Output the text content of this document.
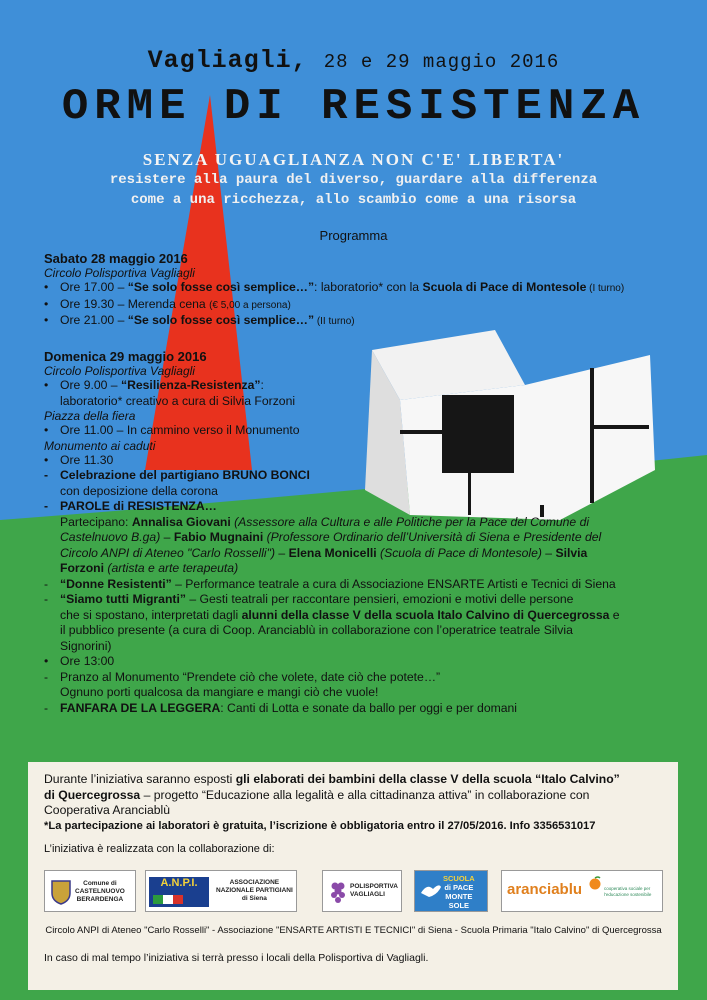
Vagliagli, 28 e 29 maggio 2016
ORME DI RESISTENZA
SENZA UGUAGLIANZA NON C'E' LIBERTA'
resistere alla paura del diverso, guardare alla differenza
come a una ricchezza, allo scambio come a una risorsa
Programma
Sabato 28 maggio 2016
Circolo Polisportiva Vagliagli
• Ore 17.00 – “Se solo fosse così semplice…”: laboratorio* con la Scuola di Pace di Montesole (I turno)
• Ore 19.30 – Merenda cena (€ 5,00 a persona)
• Ore 21.00 – “Se solo fosse così semplice…” (II turno)
Domenica 29 maggio 2016
Circolo Polisportiva Vagliagli
• Ore 9.00 – “Resilienza-Resistenza”:
laboratorio* creativo a cura di Silvia Forzoni
Piazza della fiera
• Ore 11.00 – In cammino verso il Monumento
Monumento ai caduti
• Ore 11.30
- Celebrazione del partigiano BRUNO BONCI
con deposizione della corona
- PAROLE di RESISTENZA…
Partecipano: Annalisa Giovani (Assessore alla Cultura e alle Politiche per la Pace del Comune di
Castelnuovo B.ga) – Fabio Mugnaini (Professore Ordinario dell’Università di Siena e Presidente del
Circolo ANPI di Ateneo "Carlo Rosselli") – Elena Monicelli (Scuola di Pace di Montesole) – Silvia
Forzoni (artista e arte terapeuta)
- “Donne Resistenti” – Performance teatrale a cura di Associazione ENSARTE Artisti e Tecnici di Siena
- “Siamo tutti Migranti” – Gesti teatrali per raccontare pensieri, emozioni e motivi delle persone
che si spostano, interpretati dagli alunni della classe V della scuola Italo Calvino di Quercegrossa e
il pubblico presente (a cura di Coop. Aranciablù in collaborazione con l’operatrice teatrale Silvia
Signorini)
• Ore 13:00
- Pranzo al Monumento “Prendete ciò che volete, date ciò che potete…”
Ognuno porti qualcosa da mangiare e mangi ciò che vuole!
- FANFARA DE LA LEGGERA: Canti di Lotta e sonate da ballo per oggi e per domani
Durante l’iniziativa saranno esposti gli elaborati dei bambini della classe V della scuola “Italo Calvino”
di Quercegrossa – progetto “Educazione alla legalità e alla cittadinanza attiva” in collaborazione con
Cooperativa Aranciablù
*La partecipazione ai laboratori è gratuita, l’iscrizione è obbligatoria entro il 27/05/2016. Info 3356531017
L’iniziativa è realizzata con la collaborazione di:
Comune di
CASTELNUOVO
BERARDENGA
A.N.P.I.	ASSOCIAZIONE
NAZIONALE PARTIGIANI
di Siena
POLISPORTIVA
VAGLIAGLI
SCUOLA
di PACE
MONTE
SOLE
aranciablu	cooperativa sociale per l'educazione sostenibile
Circolo ANPI di Ateneo "Carlo Rosselli" - Associazione "ENSARTE ARTISTI E TECNICI" di Siena - Scuola Primaria "Italo Calvino" di Quercegrossa
In caso di mal tempo l’iniziativa si terrà presso i locali della Polisportiva di Vagliagli.
